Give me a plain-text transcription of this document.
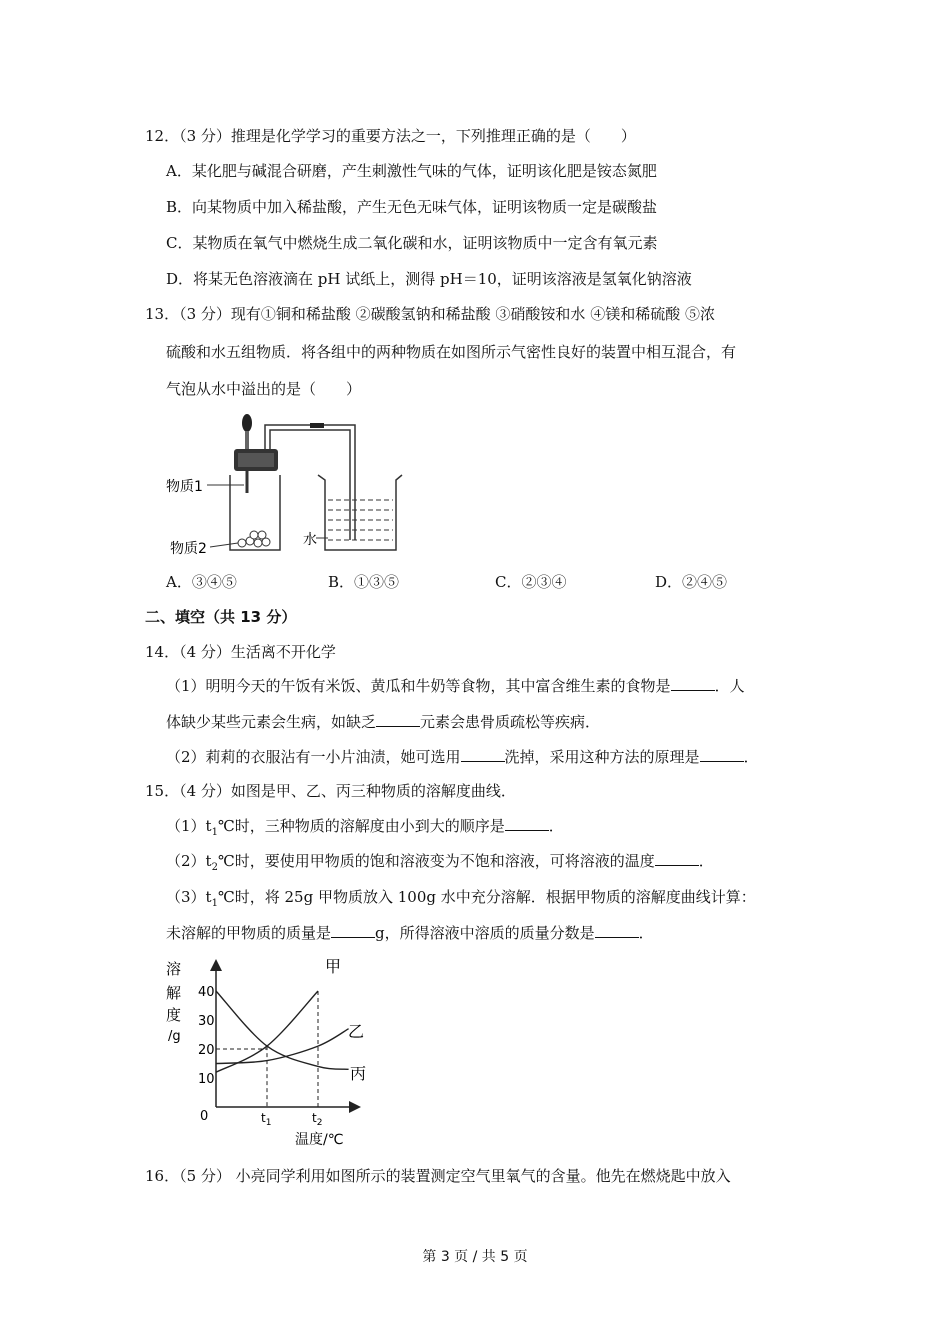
12．（3 分）推理是化学学习的重要方法之一，下列推理正确的是（　　）
A．某化肥与碱混合研磨，产生刺激性气味的气体，证明该化肥是铵态氮肥
B．向某物质中加入稀盐酸，产生无色无味气体，证明该物质一定是碳酸盐
C．某物质在氧气中燃烧生成二氧化碳和水，证明该物质中一定含有氧元素
D．将某无色溶液滴在 pH 试纸上，测得 pH＝10，证明该溶液是氢氧化钠溶液
13．（3 分）现有①铜和稀盐酸 ②碳酸氢钠和稀盐酸 ③硝酸铵和水 ④镁和稀硫酸 ⑤浓
硫酸和水五组物质．将各组中的两种物质在如图所示气密性良好的装置中相互混合，有
气泡从水中溢出的是（　　）
物质1
物质2
水
A．③④⑤	B．①③⑤	C．②③④	D．②④⑤
二、填空（共 13 分）
14．（4 分）生活离不开化学
（1）明明今天的午饭有米饭、黄瓜和牛奶等食物，其中富含维生素的食物是	．人
体缺少某些元素会生病，如缺乏	元素会患骨质疏松等疾病．
（2）莉莉的衣服沾有一小片油渍，她可选用	洗掉，采用这种方法的原理是	．
15．（4 分）如图是甲、乙、丙三种物质的溶解度曲线．
$(1)t_1℃$时，三种物质的溶解度由小到大的顺序是	．
$(2)t_2℃$时，要使用甲物质的饱和溶液变为不饱和溶液，可将溶液的温度	．
$(3)t_1℃$时，将 25g 甲物质放入 100g 水中充分溶解．根据甲物质的溶解度曲线计算：
未溶解的甲物质的质量是	g，所得溶液中溶质的质量分数是	．
溶
解
度
/g
0
10
20
30
40
$t_1$	$t_2$
甲
乙
丙
温度/℃
16．（5 分） 小亮同学利用如图所示的装置测定空气里氧气的含量。他先在燃烧匙中放入
第 3 页 / 共 5 页
